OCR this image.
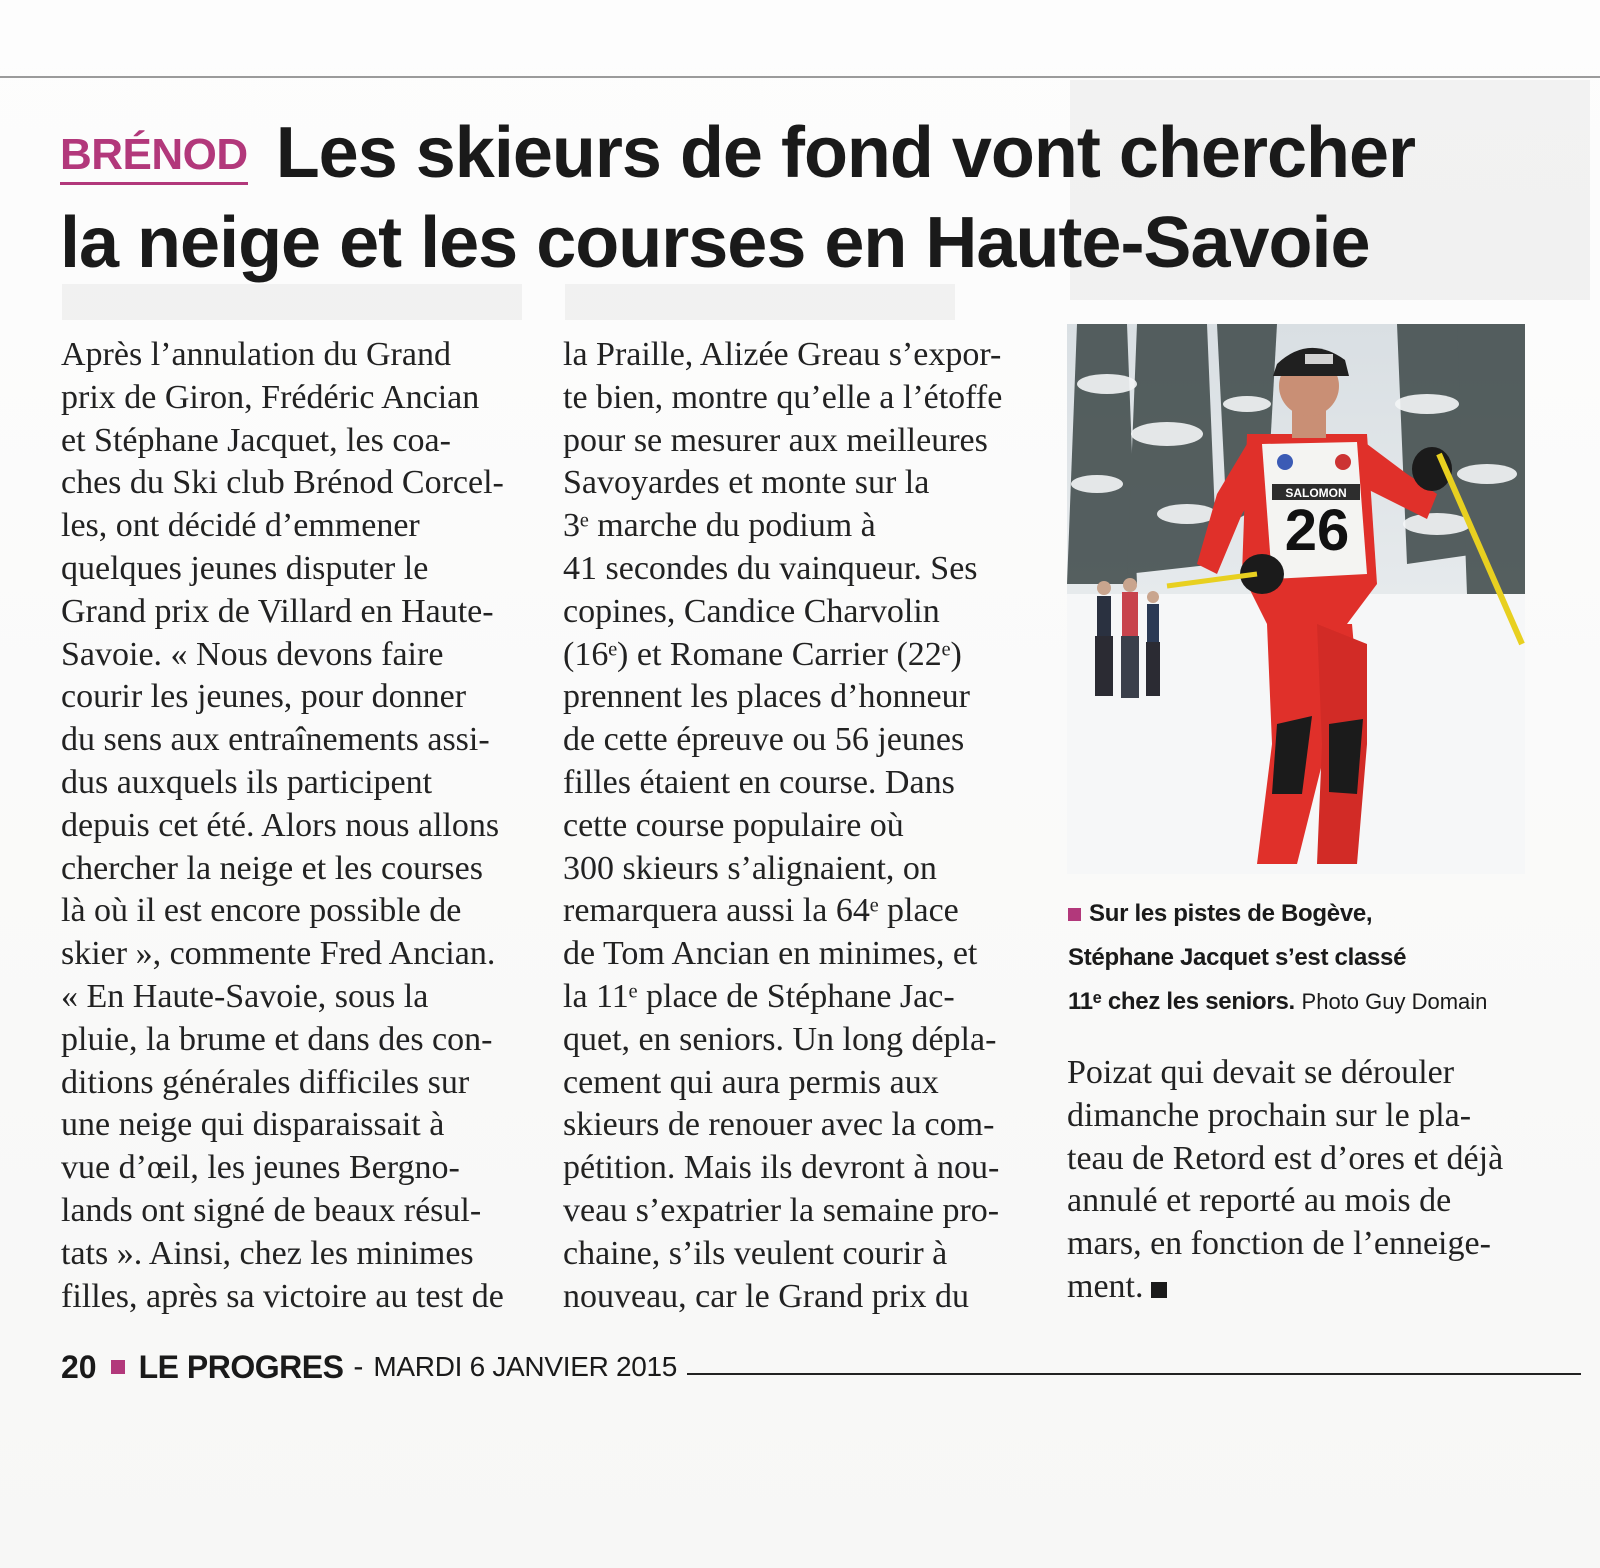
BRÉNOD Les skieurs de fond vont chercher
la neige et les courses en Haute-Savoie

Après l’annulation du Grand

prix de Giron, Frédéric Ancian

et Stéphane Jacquet, les coa-

ches du Ski club Brénod Corcel-

les, ont décidé d’emmener

quelques jeunes disputer le

Grand prix de Villard en Haute-

Savoie. « Nous devons faire

courir les jeunes, pour donner

du sens aux entraînements assi-

dus auxquels ils participent

depuis cet été. Alors nous allons

chercher la neige et les courses

là où il est encore possible de

skier », commente Fred Ancian.

« En Haute-Savoie, sous la

pluie, la brume et dans des con-

ditions générales difficiles sur

une neige qui disparaissait à

vue d’œil, les jeunes Bergno-

lands ont signé de beaux résul-

tats ». Ainsi, chez les minimes

filles, après sa victoire au test de

la Praille, Alizée Greau s’expor-

te bien, montre qu’elle a l’étoffe

pour se mesurer aux meilleures

Savoyardes et monte sur la

3ᵉ marche du podium à

41 secondes du vainqueur. Ses

copines, Candice Charvolin

(16ᵉ) et Romane Carrier (22ᵉ)

prennent les places d’honneur

de cette épreuve ou 56 jeunes

filles étaient en course. Dans

cette course populaire où

300 skieurs s’alignaient, on

remarquera aussi la 64ᵉ place

de Tom Ancian en minimes, et

la 11ᵉ place de Stéphane Jac-

quet, en seniors. Un long dépla-

cement qui aura permis aux

skieurs de renouer avec la com-

pétition. Mais ils devront à nou-

veau s’expatrier la semaine pro-

chaine, s’ils veulent courir à

nouveau, car le Grand prix du

SALOMON
26
Sur les pistes de Bogève,
Stéphane Jacquet s’est classé
11ᵉ chez les seniors. Photo Guy Domain

Poizat qui devait se dérouler

dimanche prochain sur le pla-

teau de Retord est d’ores et déjà

annulé et reporté au mois de

mars, en fonction de l’enneige-

ment.

20 LE PROGRES - MARDI 6 JANVIER 2015
